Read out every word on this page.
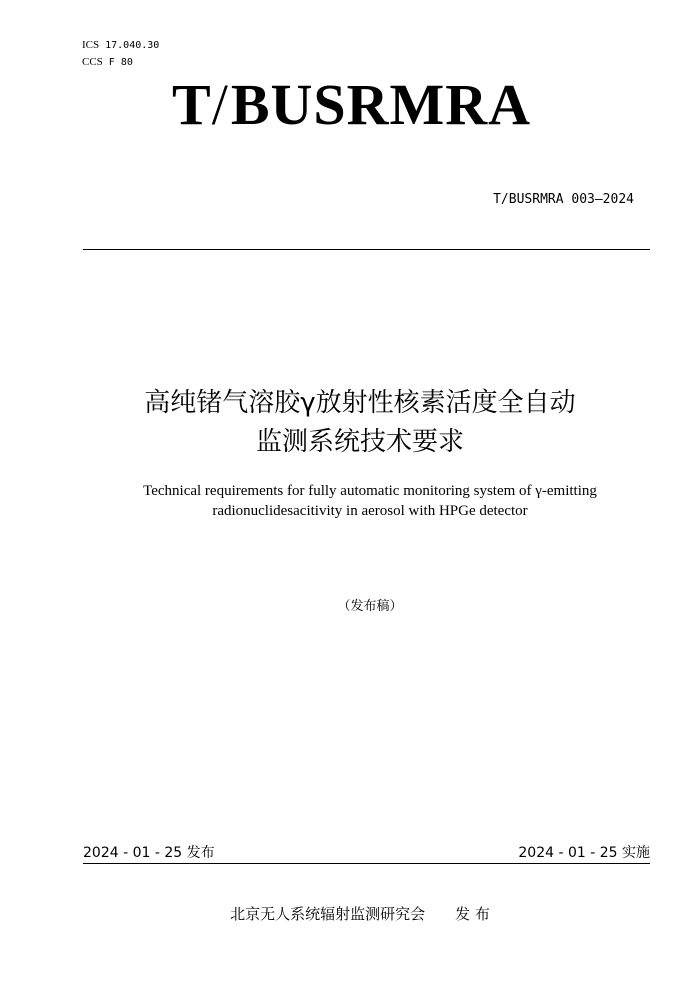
ICS 17.040.30
CCS F 80
T/BUSRMRA
T/BUSRMRA 003—2024
高纯锗气溶胶γ放射性核素活度全自动
监测系统技术要求
Technical requirements for fully automatic monitoring system of γ-emitting
radionuclidesacitivity in aerosol with HPGe detector
（发布稿）
2024 - 01 - 25 发布	2024 - 01 - 25 实施
北京无人系统辐射监测研究会 发 布
